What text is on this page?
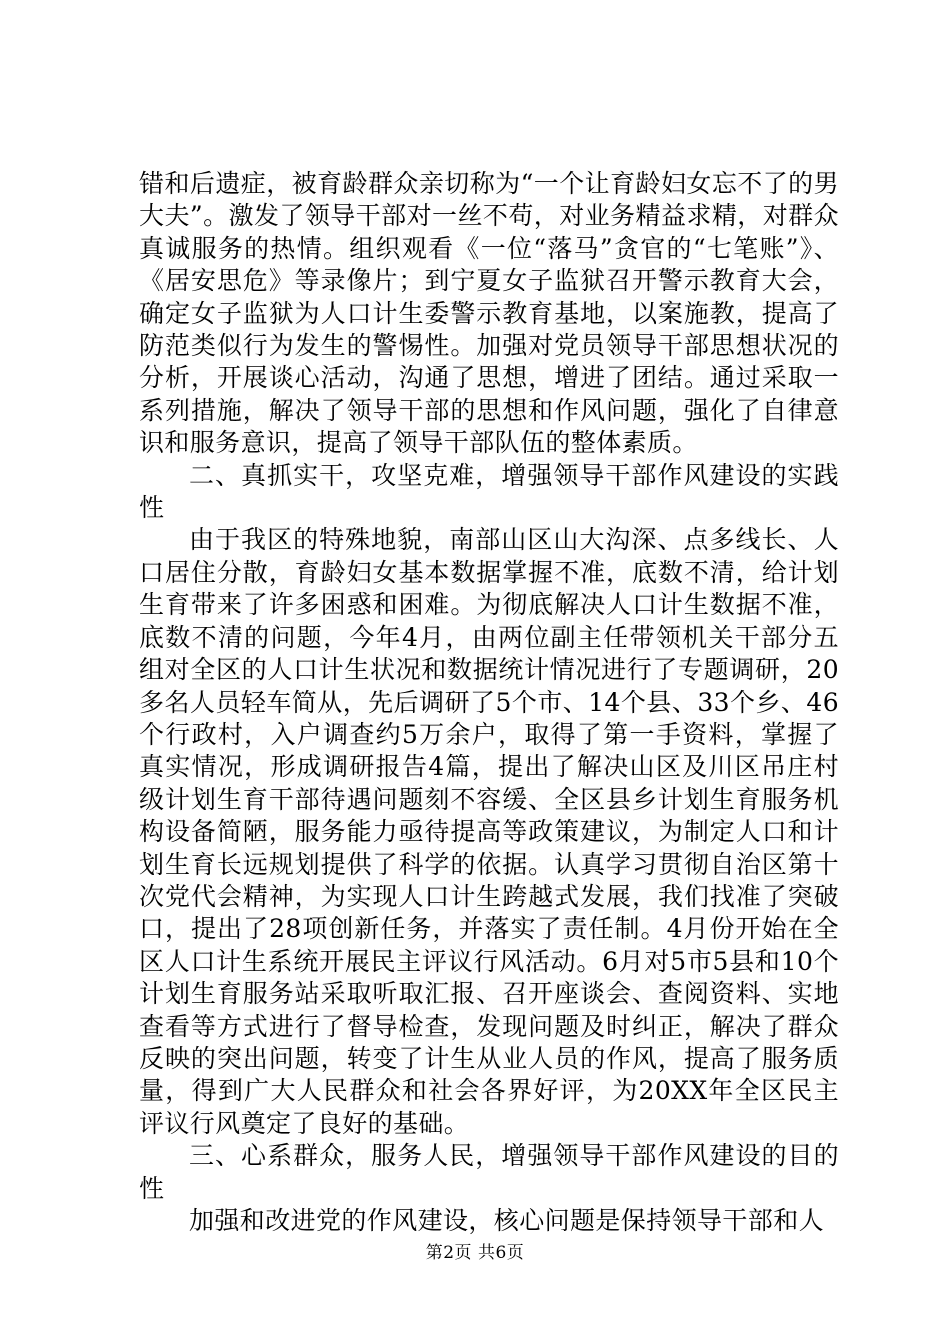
错和后遗症，被育龄群众亲切称为“一个让育龄妇女忘不了的男大夫”。激发了领导干部对一丝不苟，对业务精益求精，对群众真诚服务的热情。组织观看《一位“落马”贪官的“七笔账”》、《居安思危》等录像片；到宁夏女子监狱召开警示教育大会，确定女子监狱为人口计生委警示教育基地，以案施教，提高了防范类似行为发生的警惕性。加强对党员领导干部思想状况的分析，开展谈心活动，沟通了思想，增进了团结。通过采取一系列措施，解决了领导干部的思想和作风问题，强化了自律意识和服务意识，提高了领导干部队伍的整体素质。

二、真抓实干，攻坚克难，增强领导干部作风建设的实践性

由于我区的特殊地貌，南部山区山大沟深、点多线长、人口居住分散，育龄妇女基本数据掌握不准，底数不清，给计划生育带来了许多困惑和困难。为彻底解决人口计生数据不准，底数不清的问题，今年4月，由两位副主任带领机关干部分五组对全区的人口计生状况和数据统计情况进行了专题调研，20多名人员轻车简从，先后调研了5个市、14个县、33个乡、46个行政村，入户调查约5万余户，取得了第一手资料，掌握了真实情况，形成调研报告4篇，提出了解决山区及川区吊庄村级计划生育干部待遇问题刻不容缓、全区县乡计划生育服务机构设备简陋，服务能力亟待提高等政策建议，为制定人口和计划生育长远规划提供了科学的依据。认真学习贯彻自治区第十次党代会精神，为实现人口计生跨越式发展，我们找准了突破口，提出了28项创新任务，并落实了责任制。4月份开始在全区人口计生系统开展民主评议行风活动。6月对5市5县和10个计划生育服务站采取听取汇报、召开座谈会、查阅资料、实地查看等方式进行了督导检查，发现问题及时纠正，解决了群众反映的突出问题，转变了计生从业人员的作风，提高了服务质量，得到广大人民群众和社会各界好评，为20XX年全区民主评议行风奠定了良好的基础。

三、心系群众，服务人民，增强领导干部作风建设的目的性

加强和改进党的作风建设，核心问题是保持领导干部和人

第2页 共6页
